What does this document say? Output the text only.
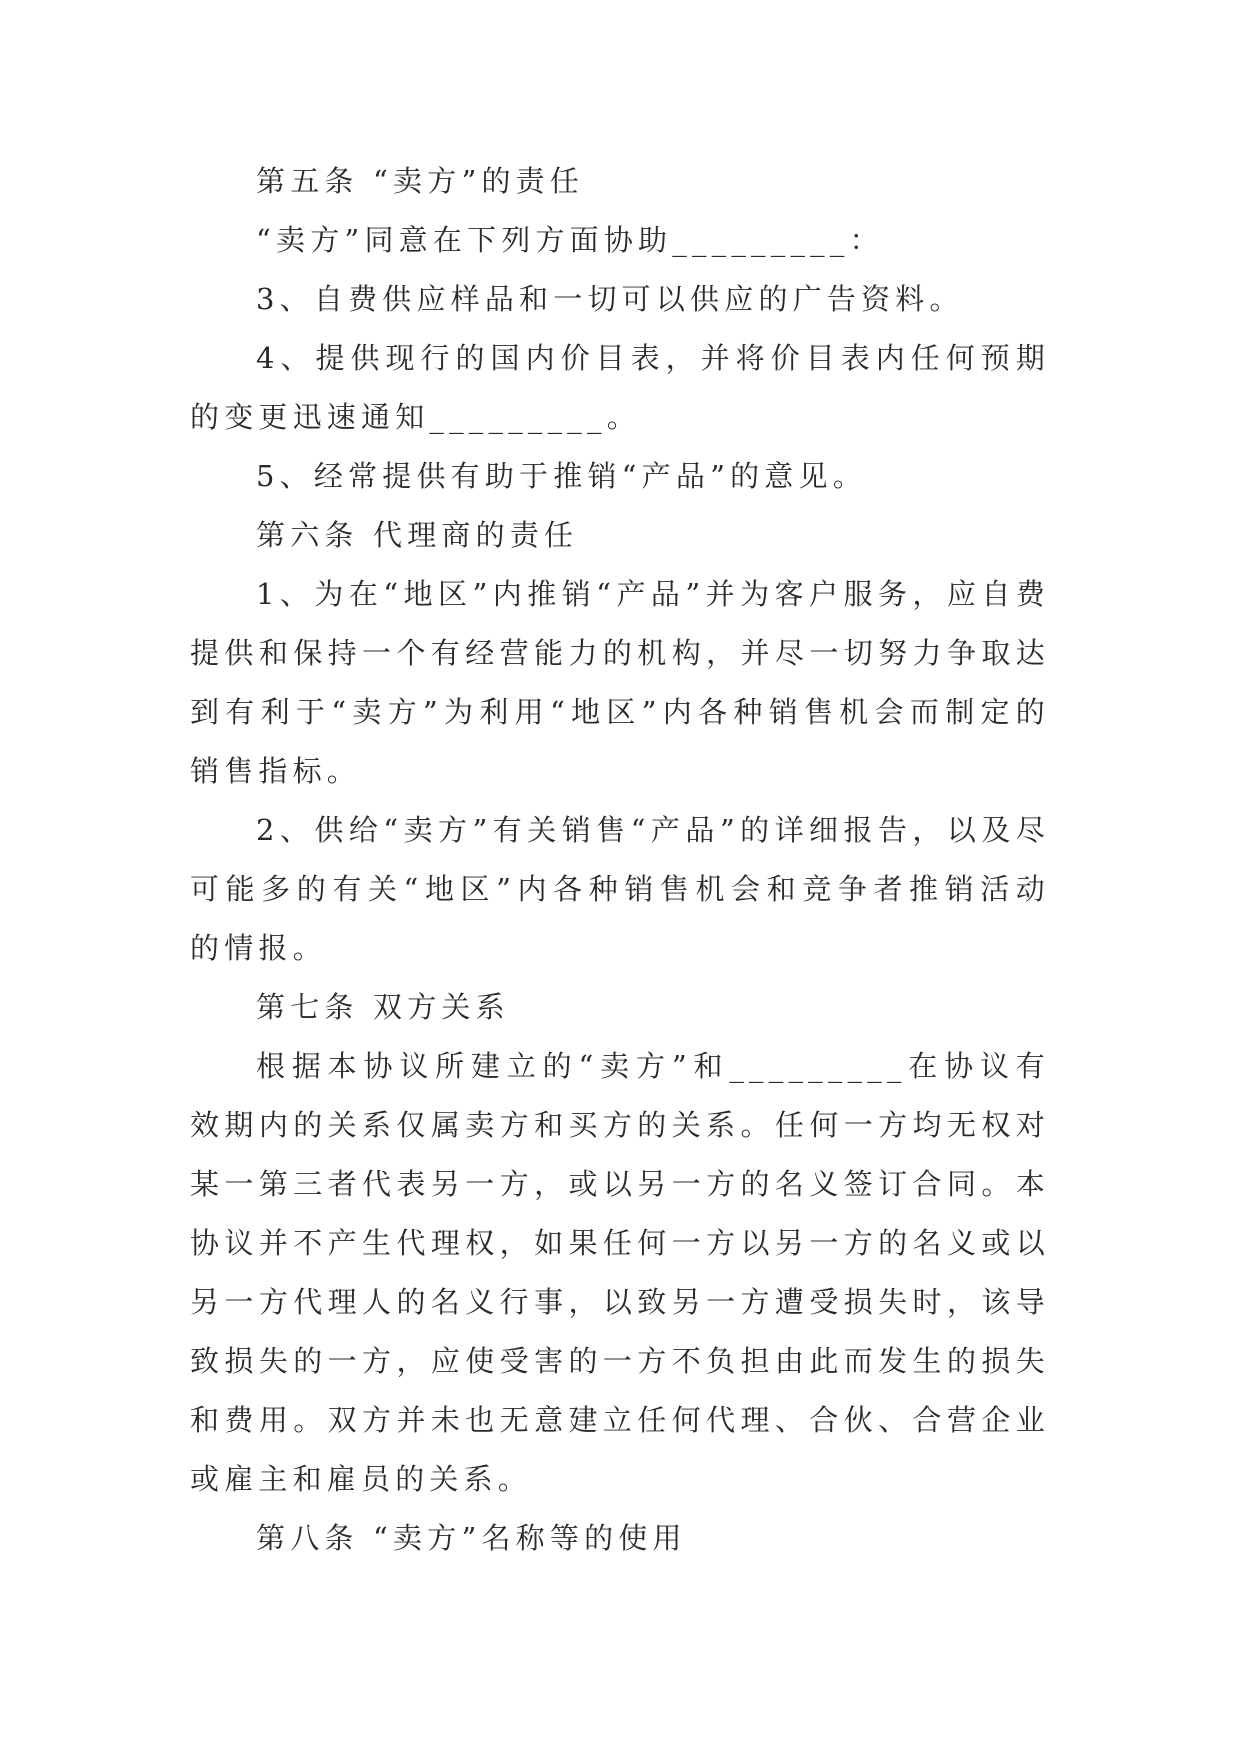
第五条 “卖方”的责任

“卖方”同意在下列方面协助_________：

3、自费供应样品和一切可以供应的广告资料。

4、提供现行的国内价目表，并将价目表内任何预期的变更迅速通知_________。

5、经常提供有助于推销“产品”的意见。

第六条 代理商的责任

1、为在“地区”内推销“产品”并为客户服务，应自费提供和保持一个有经营能力的机构，并尽一切努力争取达到有利于“卖方”为利用“地区”内各种销售机会而制定的销售指标。

2、供给“卖方”有关销售“产品”的详细报告，以及尽可能多的有关“地区”内各种销售机会和竞争者推销活动的情报。

第七条 双方关系

根据本协议所建立的“卖方”和_________在协议有效期内的关系仅属卖方和买方的关系。任何一方均无权对某一第三者代表另一方，或以另一方的名义签订合同。本协议并不产生代理权，如果任何一方以另一方的名义或以另一方代理人的名义行事，以致另一方遭受损失时，该导致损失的一方，应使受害的一方不负担由此而发生的损失和费用。双方并未也无意建立任何代理、合伙、合营企业或雇主和雇员的关系。

第八条 “卖方”名称等的使用
